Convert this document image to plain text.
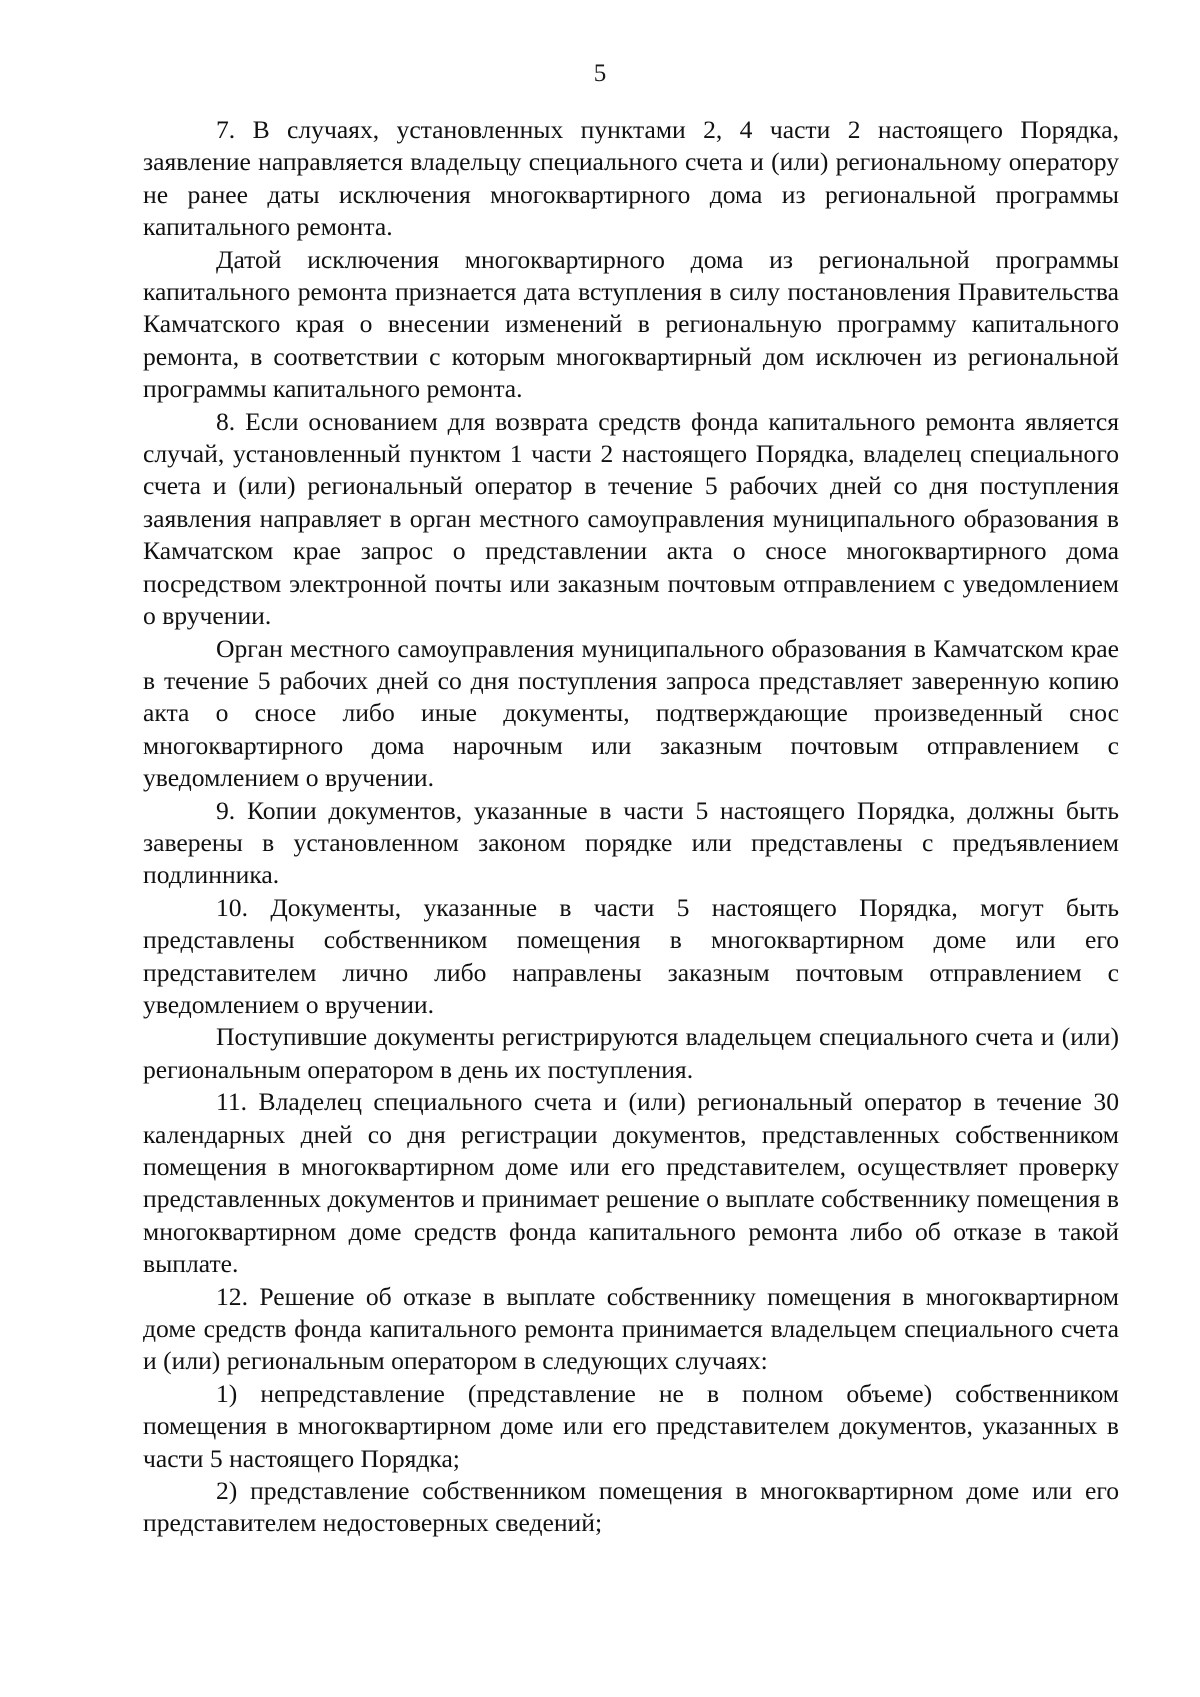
5

7. В случаях, установленных пунктами 2, 4 части 2 настоящего Порядка, заявление направляется владельцу специального счета и (или) региональному оператору не ранее даты исключения многоквартирного дома из региональной программы капитального ремонта.

Датой исключения многоквартирного дома из региональной программы капитального ремонта признается дата вступления в силу постановления Правительства Камчатского края о внесении изменений в региональную программу капитального ремонта, в соответствии с которым многоквартирный дом исключен из региональной программы капитального ремонта.

8. Если основанием для возврата средств фонда капитального ремонта является случай, установленный пунктом 1 части 2 настоящего Порядка, владелец специального счета и (или) региональный оператор в течение 5 рабочих дней со дня поступления заявления направляет в орган местного самоуправления муниципального образования в Камчатском крае запрос о представлении акта о сносе многоквартирного дома посредством электронной почты или заказным почтовым отправлением с уведомлением о вручении.

Орган местного самоуправления муниципального образования в Камчатском крае в течение 5 рабочих дней со дня поступления запроса представляет заверенную копию акта о сносе либо иные документы, подтверждающие произведенный снос многоквартирного дома нарочным или заказным почтовым отправлением с уведомлением о вручении.

9. Копии документов, указанные в части 5 настоящего Порядка, должны быть заверены в установленном законом порядке или представлены с предъявлением подлинника.

10. Документы, указанные в части 5 настоящего Порядка, могут быть представлены собственником помещения в многоквартирном доме или его представителем лично либо направлены заказным почтовым отправлением с уведомлением о вручении.

Поступившие документы регистрируются владельцем специального счета и (или) региональным оператором в день их поступления.

11. Владелец специального счета и (или) региональный оператор в течение 30 календарных дней со дня регистрации документов, представленных собственником помещения в многоквартирном доме или его представителем, осуществляет проверку представленных документов и принимает решение о выплате собственнику помещения в многоквартирном доме средств фонда капитального ремонта либо об отказе в такой выплате.

12. Решение об отказе в выплате собственнику помещения в многоквартирном доме средств фонда капитального ремонта принимается владельцем специального счета и (или) региональным оператором в следующих случаях:

1) непредставление (представление не в полном объеме) собственником помещения в многоквартирном доме или его представителем документов, указанных в части 5 настоящего Порядка;

2) представление собственником помещения в многоквартирном доме или его представителем недостоверных сведений;
